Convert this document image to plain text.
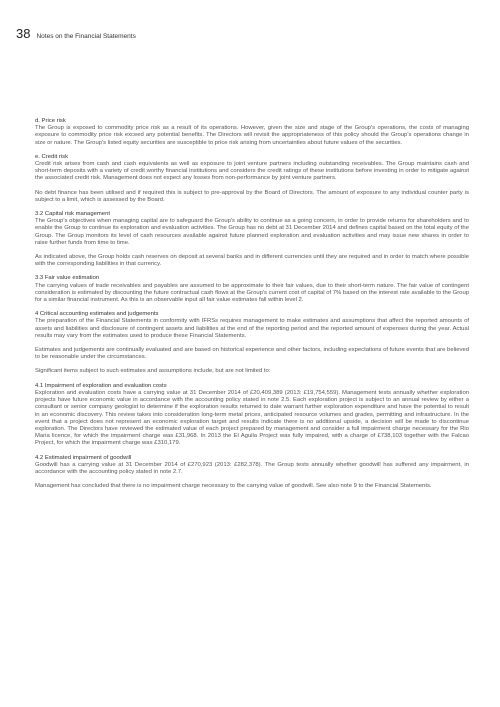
38 Notes on the Financial Statements
d. Price risk

The Group is exposed to commodity price risk as a result of its operations. However, given the size and stage of the Group's operations, the costs of managing exposure to commodity price risk exceed any potential benefits. The Directors will revisit the appropriateness of this policy should the Group's operations change in size or nature. The Group's listed equity securities are susceptible to price risk arising from uncertainties about future values of the securities.

e. Credit risk

Credit risk arises from cash and cash equivalents as well as exposure to joint venture partners including outstanding receivables. The Group maintains cash and short-term deposits with a variety of credit worthy financial institutions and considers the credit ratings of these institutions before investing in order to mitigate against the associated credit risk. Management does not expect any losses from non-performance by joint venture partners.

No debt finance has been utilised and if required this is subject to pre-approval by the Board of Directors. The amount of exposure to any individual counter party is subject to a limit, which is assessed by the Board.

3.2 Capital risk management

The Group's objectives when managing capital are to safeguard the Group's ability to continue as a going concern, in order to provide returns for shareholders and to enable the Group to continue its exploration and evaluation activities. The Group has no debt at 31 December 2014 and defines capital based on the total equity of the Group. The Group monitors its level of cash resources available against future planned exploration and evaluation activities and may issue new shares in order to raise further funds from time to time.

As indicated above, the Group holds cash reserves on deposit at several banks and in different currencies until they are required and in order to match where possible with the corresponding liabilities in that currency.

3.3 Fair value estimation

The carrying values of trade receivables and payables are assumed to be approximate to their fair values, due to their short-term nature. The fair value of contingent consideration is estimated by discounting the future contractual cash flows at the Group's current cost of capital of 7% based on the interest rate available to the Group for a similar financial instrument. As this is an observable input all fair value estimates fall within level 2.

4 Critical accounting estimates and judgements

The preparation of the Financial Statements in conformity with IFRSs requires management to make estimates and assumptions that affect the reported amounts of assets and liabilities and disclosure of contingent assets and liabilities at the end of the reporting period and the reported amount of expenses during the year. Actual results may vary from the estimates used to produce these Financial Statements.

Estimates and judgements are continually evaluated and are based on historical experience and other factors, including expectations of future events that are believed to be reasonable under the circumstances.

Significant items subject to such estimates and assumptions include, but are not limited to:

4.1 Impairment of exploration and evaluation costs

Exploration and evaluation costs have a carrying value at 31 December 2014 of £20,409,389 (2013: £19,754,559). Management tests annually whether exploration projects have future economic value in accordance with the accounting policy stated in note 2.5. Each exploration project is subject to an annual review by either a consultant or senior company geologist to determine if the exploration results returned to date warrant further exploration expenditure and have the potential to result in an economic discovery. This review takes into consideration long-term metal prices, anticipated resource volumes and grades, permitting and infrastructure. In the event that a project does not represent an economic exploration target and results indicate there is no additional upside, a decision will be made to discontinue exploration. The Directors have reviewed the estimated value of each project prepared by management and consider a full impairment charge necessary for the Rio Maria licence, for which the impairment charge was £31,968. In 2013 the El Aguila Project was fully impaired, with a charge of £738,103 together with the Falcao Project, for which the impairment charge was £310,179.

4.2 Estimated impairment of goodwill

Goodwill has a carrying value at 31 December 2014 of £270,923 (2013: £282,378). The Group tests annually whether goodwill has suffered any impairment, in accordance with the accounting policy stated in note 2.7.

Management has concluded that there is no impairment charge necessary to the carrying value of goodwill. See also note 9 to the Financial Statements.
